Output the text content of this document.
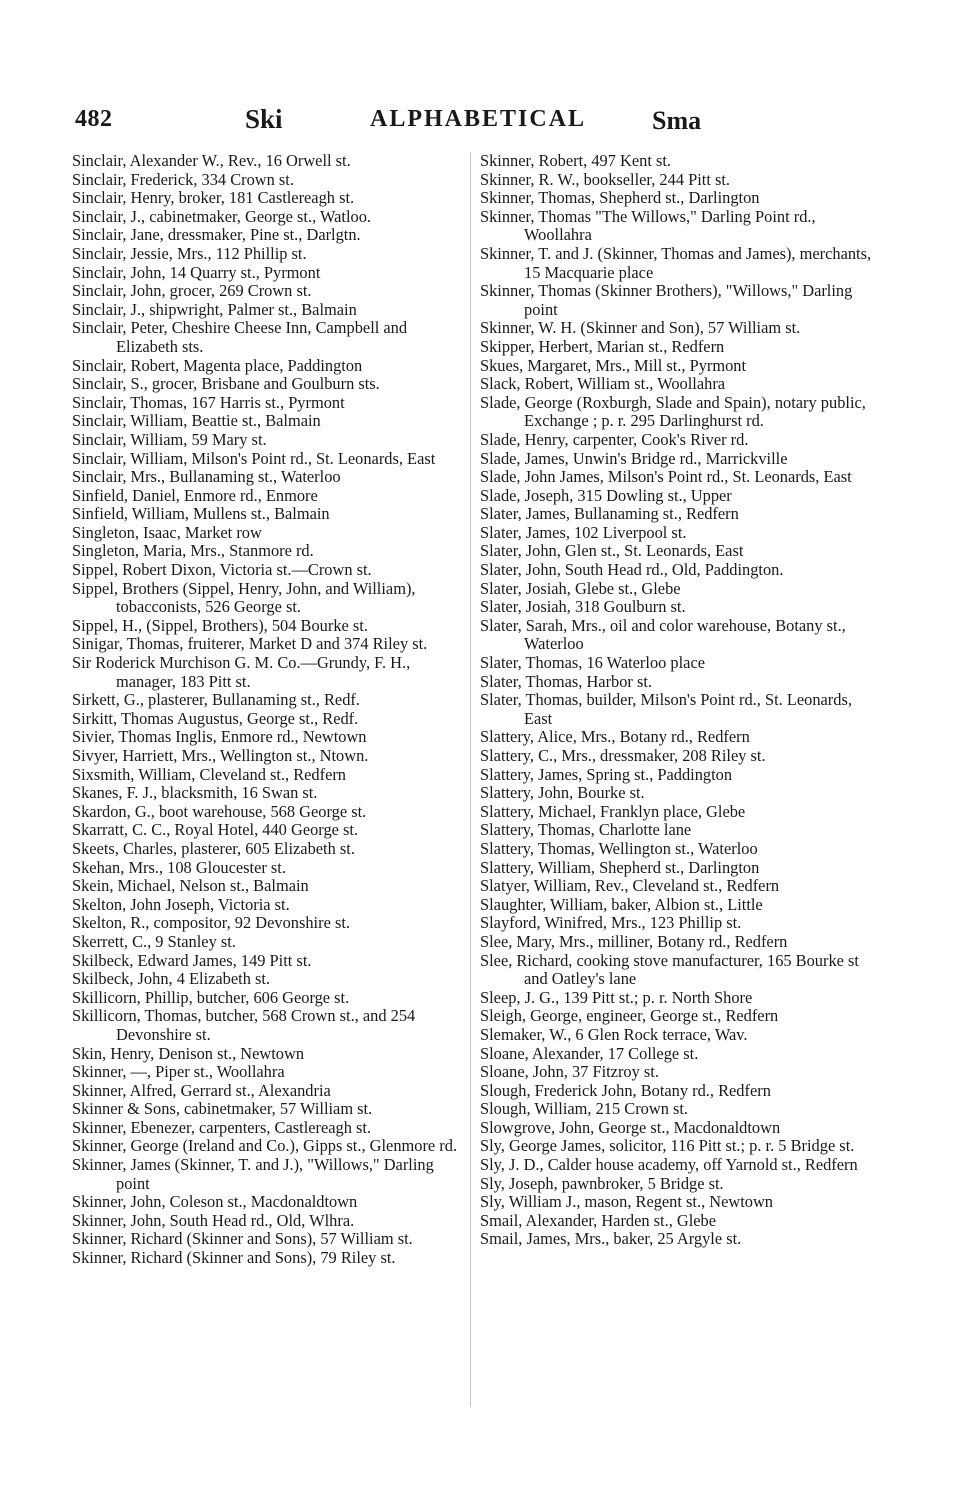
482	Ski	ALPHABETICAL	Sma
Sinclair, Alexander W., Rev., 16 Orwell st.
Sinclair, Frederick, 334 Crown st.
Sinclair, Henry, broker, 181 Castlereagh st.
Sinclair, J., cabinetmaker, George st., Watloo.
Sinclair, Jane, dressmaker, Pine st., Darlgtn.
Sinclair, Jessie, Mrs., 112 Phillip st.
Sinclair, John, 14 Quarry st., Pyrmont
Sinclair, John, grocer, 269 Crown st.
Sinclair, J., shipwright, Palmer st., Balmain
Sinclair, Peter, Cheshire Cheese Inn, Campbell and Elizabeth sts.
Sinclair, Robert, Magenta place, Paddington
Sinclair, S., grocer, Brisbane and Goulburn sts.
Sinclair, Thomas, 167 Harris st., Pyrmont
Sinclair, William, Beattie st., Balmain
Sinclair, William, 59 Mary st.
Sinclair, William, Milson's Point rd., St. Leonards, East
Sinclair, Mrs., Bullanaming st., Waterloo
Sinfield, Daniel, Enmore rd., Enmore
Sinfield, William, Mullens st., Balmain
Singleton, Isaac, Market row
Singleton, Maria, Mrs., Stanmore rd.
Sippel, Robert Dixon, Victoria st.—Crown st.
Sippel, Brothers (Sippel, Henry, John, and William), tobacconists, 526 George st.
Sippel, H., (Sippel, Brothers), 504 Bourke st.
Sinigar, Thomas, fruiterer, Market D and 374 Riley st.
Sir Roderick Murchison G. M. Co.—Grundy, F. H., manager, 183 Pitt st.
Sirkett, G., plasterer, Bullanaming st., Redf.
Sirkitt, Thomas Augustus, George st., Redf.
Sivier, Thomas Inglis, Enmore rd., Newtown
Sivyer, Harriett, Mrs., Wellington st., Ntown.
Sixsmith, William, Cleveland st., Redfern
Skanes, F. J., blacksmith, 16 Swan st.
Skardon, G., boot warehouse, 568 George st.
Skarratt, C. C., Royal Hotel, 440 George st.
Skeets, Charles, plasterer, 605 Elizabeth st.
Skehan, Mrs., 108 Gloucester st.
Skein, Michael, Nelson st., Balmain
Skelton, John Joseph, Victoria st.
Skelton, R., compositor, 92 Devonshire st.
Skerrett, C., 9 Stanley st.
Skilbeck, Edward James, 149 Pitt st.
Skilbeck, John, 4 Elizabeth st.
Skillicorn, Phillip, butcher, 606 George st.
Skillicorn, Thomas, butcher, 568 Crown st., and 254 Devonshire st.
Skin, Henry, Denison st., Newtown
Skinner, —, Piper st., Woollahra
Skinner, Alfred, Gerrard st., Alexandria
Skinner & Sons, cabinetmaker, 57 William st.
Skinner, Ebenezer, carpenters, Castlereagh st.
Skinner, George (Ireland and Co.), Gipps st., Glenmore rd.
Skinner, James (Skinner, T. and J.), "Willows," Darling point
Skinner, John, Coleson st., Macdonaldtown
Skinner, John, South Head rd., Old, Wlhra.
Skinner, Richard (Skinner and Sons), 57 William st.
Skinner, Richard (Skinner and Sons), 79 Riley st.
Skinner, Robert, 497 Kent st.
Skinner, R. W., bookseller, 244 Pitt st.
Skinner, Thomas, Shepherd st., Darlington
Skinner, Thomas "The Willows," Darling Point rd., Woollahra
Skinner, T. and J. (Skinner, Thomas and James), merchants, 15 Macquarie place
Skinner, Thomas (Skinner Brothers), "Willows," Darling point
Skinner, W. H. (Skinner and Son), 57 William st.
Skipper, Herbert, Marian st., Redfern
Skues, Margaret, Mrs., Mill st., Pyrmont
Slack, Robert, William st., Woollahra
Slade, George (Roxburgh, Slade and Spain), notary public, Exchange ; p. r. 295 Darlinghurst rd.
Slade, Henry, carpenter, Cook's River rd.
Slade, James, Unwin's Bridge rd., Marrickville
Slade, John James, Milson's Point rd., St. Leonards, East
Slade, Joseph, 315 Dowling st., Upper
Slater, James, Bullanaming st., Redfern
Slater, James, 102 Liverpool st.
Slater, John, Glen st., St. Leonards, East
Slater, John, South Head rd., Old, Paddington.
Slater, Josiah, Glebe st., Glebe
Slater, Josiah, 318 Goulburn st.
Slater, Sarah, Mrs., oil and color warehouse, Botany st., Waterloo
Slater, Thomas, 16 Waterloo place
Slater, Thomas, Harbor st.
Slater, Thomas, builder, Milson's Point rd., St. Leonards, East
Slattery, Alice, Mrs., Botany rd., Redfern
Slattery, C., Mrs., dressmaker, 208 Riley st.
Slattery, James, Spring st., Paddington
Slattery, John, Bourke st.
Slattery, Michael, Franklyn place, Glebe
Slattery, Thomas, Charlotte lane
Slattery, Thomas, Wellington st., Waterloo
Slattery, William, Shepherd st., Darlington
Slatyer, William, Rev., Cleveland st., Redfern
Slaughter, William, baker, Albion st., Little
Slayford, Winifred, Mrs., 123 Phillip st.
Slee, Mary, Mrs., milliner, Botany rd., Redfern
Slee, Richard, cooking stove manufacturer, 165 Bourke st and Oatley's lane
Sleep, J. G., 139 Pitt st.; p. r. North Shore
Sleigh, George, engineer, George st., Redfern
Slemaker, W., 6 Glen Rock terrace, Wav.
Sloane, Alexander, 17 College st.
Sloane, John, 37 Fitzroy st.
Slough, Frederick John, Botany rd., Redfern
Slough, William, 215 Crown st.
Slowgrove, John, George st., Macdonaldtown
Sly, George James, solicitor, 116 Pitt st.; p. r. 5 Bridge st.
Sly, J. D., Calder house academy, off Yarnold st., Redfern
Sly, Joseph, pawnbroker, 5 Bridge st.
Sly, William J., mason, Regent st., Newtown
Smail, Alexander, Harden st., Glebe
Smail, James, Mrs., baker, 25 Argyle st.
